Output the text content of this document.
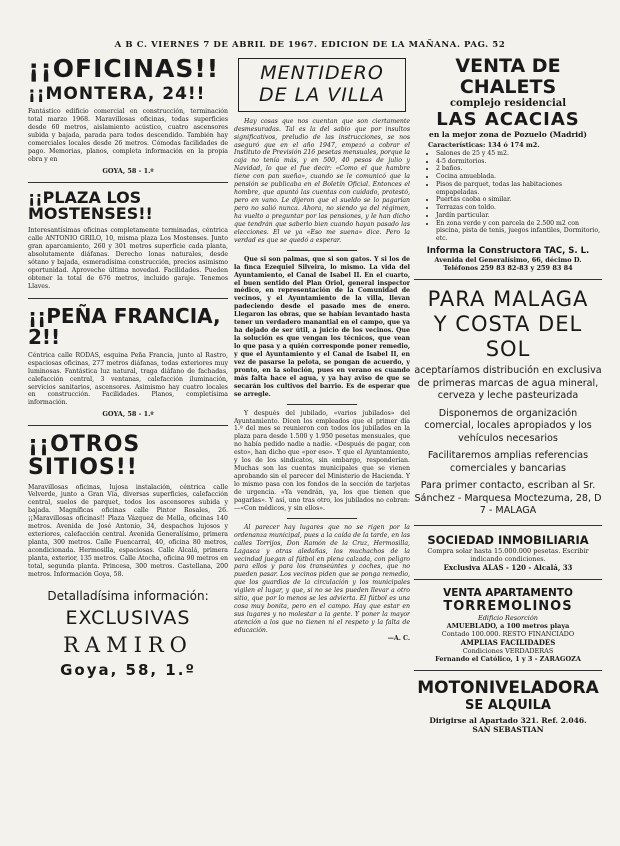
A B C. VIERNES 7 DE ABRIL DE 1967. EDICION DE LA MAÑANA. PAG. 52
¡¡OFICINAS!!
¡¡MONTERA, 24!!

Fantástico edificio comercial en construcción, terminación total marzo 1968. Maravillosas oficinas, todas superficies desde 60 metros, aislamiento acústico, cuatro ascensores subida y bajada, parada para todos descendido. También hay comerciales locales desde 26 metros. Cómodas facilidades de pago. Memorias, planos, completa información en la propia obra y en

GOYA, 58 - 1.º

¡¡PLAZA LOS MOSTENSES!!

Interesantísimas oficinas completamente terminadas, céntrica calle ANTONIO GRILO, 10, misma plaza Los Mostenses. Junto gran aparcamiento, 260 y 301 metros superficie cada planta, absolutamente diáfanas. Derecho lonas naturales, desde sótano y bajada, esmeradísima construcción, precios asimismo oportunidad. Aproveche última novedad. Facilidades. Pueden obtener la total de 676 metros, incluido garaje. Tenemos Llaves.

¡¡PEÑA FRANCIA, 2!!

Céntrica calle RODAS, esquina Peña Francia, junto al Rastro, espaciosas oficinas, 277 metros diáfanas, todas exteriores muy luminosas. Fantástica luz natural, traga diáfano de fachadas, calefacción central, 3 ventanas, calefacción iluminación, servicios sanitarios, ascensores. Asimismo hay cuatro locales en construcción. Facilidades. Planos, completísima información.

GOYA, 58 - 1.º

¡¡OTROS SITIOS!!

Maravillosas oficinas, lujosa instalación, céntrica calle Velverde, junto a Gran Vía, diversas superficies, calefacción central, suelos de parquet, todos los ascensores subida y bajada. Magníficas oficinas calle Pintor Rosales, 26. ¡¡Maravillosas oficinas!! Plaza Vázquez de Mella, oficinas 140 metros. Avenida de José Antonio, 34, despachos lujosos y exteriores, calefacción central. Avenida Generalísimo, primera planta, 300 metros. Calle Fuencarral, 40, oficina 80 metros, acondicionada. Hermosilla, espaciosas. Calle Alcalá, primera planta, exterior, 135 metros. Calle Atocha, oficina 90 metros en total, segunda planta. Princesa, 300 metros. Castellana, 200 metros. Información Goya, 58.

Detalladísima información:
EXCLUSIVAS
RAMIRO
Goya, 58, 1.º
MENTIDERO
DE LA VILLA

Hay cosas que nos cuentan que son ciertamente desmesuradas. Tal es la del sabio que por insultos significativos, preludio de las instrucciones, se nos aseguró que en el año 1947, empezó a cobrar el Instituto de Previsión 216 pesetas mensuales, porque la caja no tenía más, y en 500, 40 pesos de julio y Navidad, lo que el fue decir: «Como el que hambre tiene con pan sueña», cuando se le comunicó que la pensión se publicaba en el Boletín Oficial. Entonces el hombre, que apuntó las cuentas con cuidado, protestó, pero en vano. Le dijeron que el sueldo se lo pagarían pero no salió nunca. Ahora, no siendo ya del régimen, ha vuelto a preguntar por las pensiones, y le han dicho que tendrán que saberlo bien cuando hayan pasado las elecciones. El ve ya «Eso me suena» dice. Pero la verdad es que se quedó a esperar.

Que si son palmas, que si son gatos. Y si los de la finca Ezequiel Silveira, lo mismo. La vida del Ayuntamiento, el Canal de Isabel II. En el cuarto, el buen sentido del Plan Oriol, general inspector médico, en representación de la Comunidad de vecinos, y el Ayuntamiento de la villa, llevan padeciendo desde el pasado mes de enero. Llegaron las obras, que se habían levantado hasta tener un verdadero manantial en el campo, que ya ha dejado de ser útil, a juicio de los vecinos. Que la solución es que vengan los técnicos, que vean lo que pasa y a quién corresponde poner remedio, y que el Ayuntamiento y el Canal de Isabel II, en vez de pasarse la pelota, se pongan de acuerdo, y pronto, en la solución, pues en verano es cuando más falta hace el agua, y ya hay aviso de que se secarán los cultivos del barrio. Es de esperar que se arregle.

Y después del jubilado, «varios jubilados» del Ayuntamiento. Dicen los empleados que el primer día 1.º del mes se reunieron con todos los jubilados en la plaza para desde 1.500 y 1.950 pesetas mensuales, que no había pedido nadie a nadie. «Después de pagar, con esto», han dicho que «por eso». Y que el Ayuntamiento, y los de los sindicatos, sin embargo, responderían. Muchas son las cuentas municipales que se vienen aprobando sin el parecer del Ministerio de Hacienda. Y lo mismo pasa con los fondos de la sección de tarjetas de urgencia. «Ya vendrán, ya, los que tienen que pagarlas». Y así, uno tras otro, los jubilados no cobran: —«Con médicos, y sin ellos».

Al parecer hay lugares que no se rigen por la ordenanza municipal, pues a la caída de la tarde, en las calles Torrijos, Don Ramón de la Cruz, Hermosilla, Lagasca y otras aledañas, los muchachos de la vecindad juegan al fútbol en plena calzada, con peligro para ellos y para los transeúntes y coches, que no pueden pasar. Los vecinos piden que se ponga remedio, que los guardias de la circulación y los municipales vigilen el lugar, y que, si no se les pueden llevar a otro sitio, que por lo menos se les advierta. El fútbol es una cosa muy bonita, pero en el campo. Hay que estar en sus lugares y no molestar a la gente. Y poner la mayor atención a los que no tienen ni el respeto y la falta de educación.

—A. C.

VENTA DE CHALETS
complejo residencial
LAS ACACIAS
en la mejor zona de Pozuelo (Madrid)
Características: 134 ó 174 m2.
• Salones de 25 y 45 m2.
• 4-5 dormitorios.
• 2 baños.
• Cocina amueblada.
• Pisos de parquet, todas las habitaciones empapeladas.
• Puertas caoba o similar.
• Terrazas con toldo.
• Jardín particular.
• En zona verde y con parcela de 2.500 m2 con piscina, pista de tenis, juegos infantiles, Dormitorio, etc.
Informa la Constructora TAC, S. L.
Avenida del Generalísimo, 66, décimo D.
Teléfonos 259 83 82-83 y 259 83 84
PARA MALAGA
Y COSTA DEL SOL

aceptaríamos distribución en exclusiva de primeras marcas de agua mineral, cerveza y leche pasteurizada

Disponemos de organización comercial, locales apropiados y los vehículos necesarios

Facilitaremos amplias referencias comerciales y bancarias

Para primer contacto, escriban al Sr. Sánchez - Marquesa Moctezuma, 28, D 7 - MALAGA

SOCIEDAD INMOBILIARIA
Compra solar hasta 15.000.000 pesetas. Escribir indicando condiciones.
Exclusiva ALAS - 120 - Alcalá, 33
VENTA APARTAMENTO
TORREMOLINOS
Edificio Resorción
AMUEBLADO, a 100 metros playa
Contado 100.000. RESTO FINANCIADO
AMPLIAS FACILIDADES
Condiciones VERDADERAS
Fernando el Católico, 1 y 3 - ZARAGOZA
MOTONIVELADORA
SE ALQUILA
Dirigirse al Apartado 321. Ref. 2.046.
SAN SEBASTIAN
